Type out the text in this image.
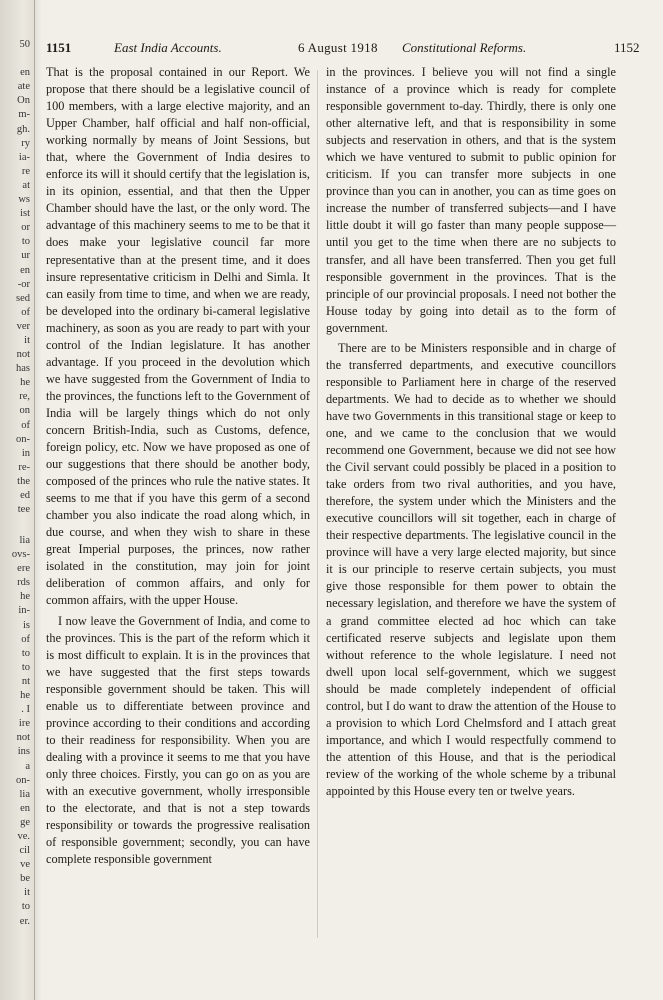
50

en
ate
On
m-
gh.
ry
ia-
re
at
ws
ist
or
to
ur
en
-or
sed
of
ver
it
not
has
he
re,
on
of
on-
in
re-
the
ed
tee
lia
ovs-
ere
rds
he
in-
is
of
to
to
nt
he
. I
ire
not
ins
a
on-
lia
en
ge
ve.
cil
ve
be
it
to
er.
1151	East India Accounts.	6 August 1918 Constitutional Reforms.	1152

That is the proposal contained in our Report. We propose that there should be a legislative council of 100 members, with a large elective majority, and an Upper Chamber, half official and half non-official, working normally by means of Joint Sessions, but that, where the Government of India desires to enforce its will it should certify that the legislation is, in its opinion, essential, and that then the Upper Chamber should have the last, or the only word. The advantage of this machinery seems to me to be that it does make your legislative council far more representative than at the present time, and it does insure representative criticism in Delhi and Simla. It can easily from time to time, and when we are ready, be developed into the ordinary bi-cameral legislative machinery, as soon as you are ready to part with your control of the Indian legislature. It has another advantage. If you proceed in the devolution which we have suggested from the Government of India to the provinces, the functions left to the Government of India will be largely things which do not only concern British-India, such as Customs, defence, foreign policy, etc. Now we have proposed as one of our suggestions that there should be another body, composed of the princes who rule the native states. It seems to me that if you have this germ of a second chamber you also indicate the road along which, in due course, and when they wish to share in these great Imperial purposes, the princes, now rather isolated in the constitution, may join for joint deliberation of common affairs, and only for common affairs, with the upper House.

I now leave the Government of India, and come to the provinces. This is the part of the reform which it is most difficult to explain. It is in the provinces that we have suggested that the first steps towards responsible government should be taken. This will enable us to differentiate between province and province according to their conditions and according to their readiness for responsibility. When you are dealing with a province it seems to me that you have only three choices. Firstly, you can go on as you are with an executive government, wholly irresponsible to the electorate, and that is not a step towards responsibility or towards the progressive realisation of responsible government; secondly, you can have complete responsible government

in the provinces. I believe you will not find a single instance of a province which is ready for complete responsible government to-day. Thirdly, there is only one other alternative left, and that is responsibility in some subjects and reservation in others, and that is the system which we have ventured to submit to public opinion for criticism. If you can transfer more subjects in one province than you can in another, you can as time goes on increase the number of transferred subjects—and I have little doubt it will go faster than many people suppose—until you get to the time when there are no subjects to transfer, and all have been transferred. Then you get full responsible government in the provinces. That is the principle of our provincial proposals. I need not bother the House today by going into detail as to the form of government.

There are to be Ministers responsible and in charge of the transferred departments, and executive councillors responsible to Parliament here in charge of the reserved departments. We had to decide as to whether we should have two Governments in this transitional stage or keep to one, and we came to the conclusion that we would recommend one Government, because we did not see how the Civil servant could possibly be placed in a position to take orders from two rival authorities, and you have, therefore, the system under which the Ministers and the executive councillors will sit together, each in charge of their respective departments. The legislative council in the province will have a very large elected majority, but since it is our principle to reserve certain subjects, you must give those responsible for them power to obtain the necessary legislation, and therefore we have the system of a grand committee elected ad hoc which can take certificated reserve subjects and legislate upon them without reference to the whole legislature. I need not dwell upon local self-government, which we suggest should be made completely independent of official control, but I do want to draw the attention of the House to a provision to which Lord Chelmsford and I attach great importance, and which I would respectfully commend to the attention of this House, and that is the periodical review of the working of the whole scheme by a tribunal appointed by this House every ten or twelve years.
